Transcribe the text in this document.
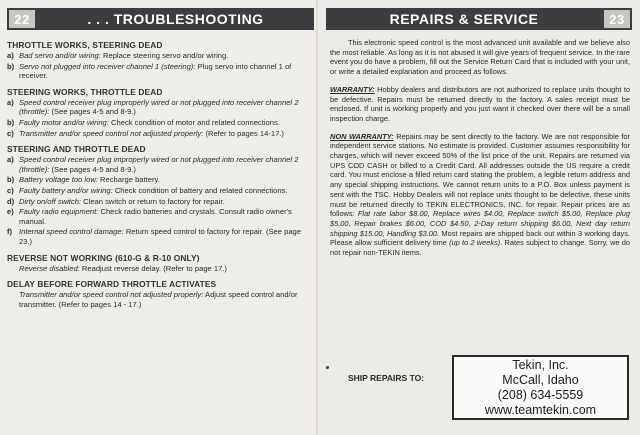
22	. . . TROUBLESHOOTING
THROTTLE WORKS, STEERING DEAD
a) Bad servo and/or wiring: Replace steering servo and/or wiring.
b) Servo not plugged into receiver channel 1 (steering): Plug servo into channel 1 of receiver.
STEERING WORKS, THROTTLE DEAD
a) Speed control receiver plug improperly wired or not plugged into receiver channel 2 (throttle): (See pages 4-5 and 8-9.)
b) Faulty motor and/or wiring: Check condition of motor and related connections.
c) Transmitter and/or speed control not adjusted properly: (Refer to pages 14-17.)
STEERING AND THROTTLE DEAD
a) Speed control receiver plug improperly wired or not plugged into receiver channel 2 (throttle): (See pages 4-5 and 8-9.)
b) Battery voltage too low: Recharge battery.
c) Faulty battery and/or wiring: Check condition of battery and related connections.
d) Dirty on/off switch: Clean switch or return to factory for repair.
e) Faulty radio equipment: Check radio batteries and crystals. Consult radio owner's manual.
f) Internal speed control damage: Return speed control to factory for repair. (See page 23.)
REVERSE NOT WORKING (610-G & R-10 ONLY)
Reverse disabled: Readjust reverse delay. (Refer to page 17.)
DELAY BEFORE FORWARD THROTTLE ACTIVATES
Transmitter and/or speed control not adjusted properly: Adjust speed control and/or transmitter. (Refer to pages 14 - 17.)
REPAIRS & SERVICE	23

This electronic speed control is the most advanced unit available and we believe also the most reliable. As long as it is not abused it will give years of frequent service. In the rare event you do have a problem, fill out the Service Return Card that is included with your unit, or write a detailed explanation and proceed as follows.

WARRANTY: Hobby dealers and distributors are not authorized to replace units thought to be defective. Repairs must be returned directly to the factory. A sales receipt must be enclosed. If unit is working properly and you just want it checked over there will be a small inspection charge.

NON WARRANTY: Repairs may be sent directly to the factory. We are not responsible for independent service stations. No estimate is provided. Customer assumes responsibility for charges, which will never exceed 50% of the list price of the unit. Repairs are returned via UPS COD CASH or billed to a Credit Card. All addresses outside the US require a credit card. You must enclose a filled return card stating the problem, a legible return address and any special shipping instructions. We cannot return units to a P.O. Box unless payment is sent with the TSC. Hobby Dealers will not replace units thought to be defective, these units must be returned directly to TEKIN ELECTRONICS, INC. for repair. Repair prices are as follows: Flat rate labor $8.00, Replace wires $4.00, Replace switch $5.00, Replace plug $5.00, Repair brakes $6.00, COD $4.50, 2-Day return shipping $6.00, Next day return shipping $15.00, Handling $3.00. Most repairs are shipped back out within 3 working days. Please allow sufficient delivery time (up to 2 weeks). Rates subject to change. Sorry, we do not repair non-TEKIN items.

SHIP REPAIRS TO:
Tekin, Inc.
McCall, Idaho
(208) 634-5559
www.teamtekin.com
